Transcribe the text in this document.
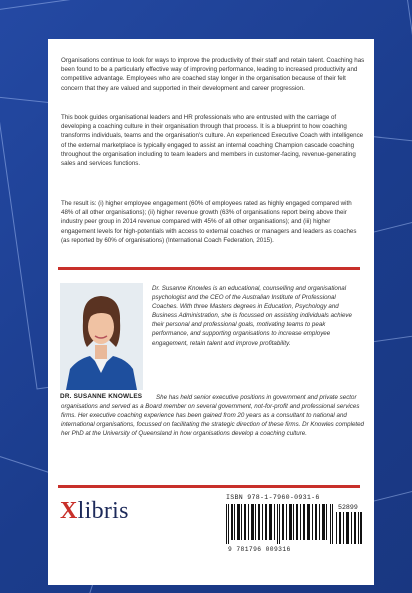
Organisations continue to look for ways to improve the productivity of their staff and retain talent. Coaching has been found to be a particularly effective way of improving performance, leading to increased productivity and competitive advantage. Employees who are coached stay longer in the organisation because of their felt concern that they are valued and supported in their development and career progression.
This book guides organisational leaders and HR professionals who are entrusted with the carriage of developing a coaching culture in their organisation through that process. It is a blueprint to how coaching transforms individuals, teams and the organisation's culture. An experienced Executive Coach with intelligence of the external marketplace is typically engaged to assist an internal coaching Champion cascade coaching throughout the organisation including to team leaders and members in customer-facing, revenue-generating sales and services functions.
The result is: (i) higher employee engagement (60% of employees rated as highly engaged compared with 48% of all other organisations); (ii) higher revenue growth (63% of organisations report being above their industry peer group in 2014 revenue compared with 45% of all other organisations); and (iii) higher engagement levels for high-potentials with access to external coaches or managers and leaders as coaches (as reported by 60% of organisations) (International Coach Federation, 2015).
DR. SUSANNE KNOWLES
Dr. Susanne Knowles is an educational, counselling and organisational psychologist and the CEO of the Australian Institute of Professional Coaches. With three Masters degrees in Education, Psychology and Business Administration, she is focussed on assisting individuals achieve their personal and professional goals, motivating teams to peak performance, and supporting organisations to increase employee engagement, retain talent and improve profitability.
She has held senior executive positions in government and private sector organisations and served as a Board member on several government, not-for-profit and professional services firms. Her executive coaching experience has been gained from 20 years as a consultant to national and international organisations, focussed on facilitating the strategic direction of these firms. Dr Knowles completed her PhD at the University of Queensland in how organisations develop a coaching culture.
Xlibris
ISBN 978-1-7960-0931-6
52899
9 781796 009316
